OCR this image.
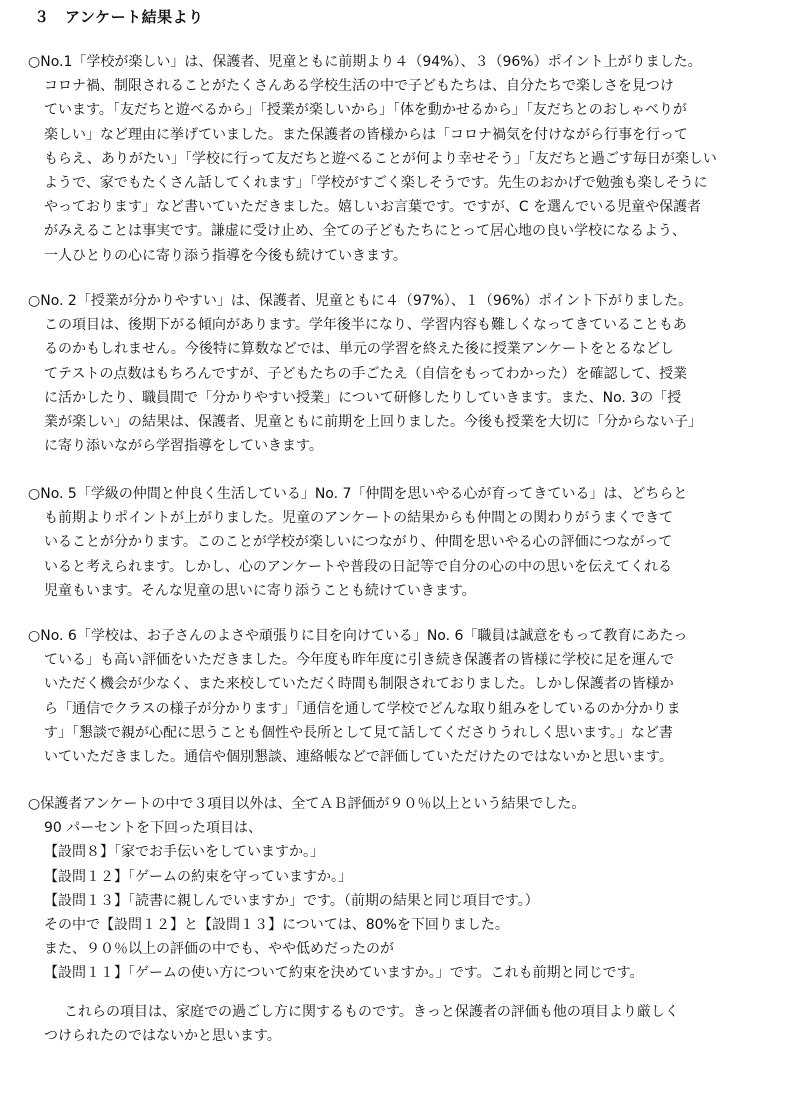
３　アンケート結果より
○No.1「学校が楽しい」は、保護者、児童ともに前期より４（94%）、３（96%）ポイント上がりました。
コロナ禍、制限されることがたくさんある学校生活の中で子どもたちは、自分たちで楽しさを見つけ
ています。「友だちと遊べるから」「授業が楽しいから」「体を動かせるから」「友だちとのおしゃべりが
楽しい」など理由に挙げていました。また保護者の皆様からは「コロナ禍気を付けながら行事を行って
もらえ、ありがたい」「学校に行って友だちと遊べることが何より幸せそう」「友だちと過ごす毎日が楽しい
ようで、家でもたくさん話してくれます」「学校がすごく楽しそうです。先生のおかげで勉強も楽しそうに
やっております」など書いていただきました。嬉しいお言葉です。ですが、C を選んでいる児童や保護者
がみえることは事実です。謙虚に受け止め、全ての子どもたちにとって居心地の良い学校になるよう、
一人ひとりの心に寄り添う指導を今後も続けていきます。
○No. 2「授業が分かりやすい」は、保護者、児童ともに４（97%）、１（96%）ポイント下がりました。
この項目は、後期下がる傾向があります。学年後半になり、学習内容も難しくなってきていることもあ
るのかもしれません。今後特に算数などでは、単元の学習を終えた後に授業アンケートをとるなどし
てテストの点数はもちろんですが、子どもたちの手ごたえ（自信をもってわかった）を確認して、授業
に活かしたり、職員間で「分かりやすい授業」について研修したりしていきます。また、No. 3の「授
業が楽しい」の結果は、保護者、児童ともに前期を上回りました。今後も授業を大切に「分からない子」
に寄り添いながら学習指導をしていきます。
○No. 5「学級の仲間と仲良く生活している」No. 7「仲間を思いやる心が育ってきている」は、どちらと
も前期よりポイントが上がりました。児童のアンケートの結果からも仲間との関わりがうまくできて
いることが分かります。このことが学校が楽しいにつながり、仲間を思いやる心の評価につながって
いると考えられます。しかし、心のアンケートや普段の日記等で自分の心の中の思いを伝えてくれる
児童もいます。そんな児童の思いに寄り添うことも続けていきます。
○No. 6「学校は、お子さんのよさや頑張りに目を向けている」No. 6「職員は誠意をもって教育にあたっ
ている」も高い評価をいただきました。今年度も昨年度に引き続き保護者の皆様に学校に足を運んで
いただく機会が少なく、また来校していただく時間も制限されておりました。しかし保護者の皆様か
ら「通信でクラスの様子が分かります」「通信を通して学校でどんな取り組みをしているのか分かりま
す」「懇談で親が心配に思うことも個性や長所として見て話してくださりうれしく思います。」など書
いていただきました。通信や個別懇談、連絡帳などで評価していただけたのではないかと思います。
○保護者アンケートの中で３項目以外は、全てＡＢ評価が９０％以上という結果でした。
90 パーセントを下回った項目は、
【設問８】「家でお手伝いをしていますか。」
【設問１２】「ゲームの約束を守っていますか。」
【設問１３】「読書に親しんでいますか」です。（前期の結果と同じ項目です。）
その中で【設問１２】と【設問１３】については、80%を下回りました。
また、９０％以上の評価の中でも、やや低めだったのが
【設問１１】「ゲームの使い方について約束を決めていますか。」です。これも前期と同じです。
これらの項目は、家庭での過ごし方に関するものです。きっと保護者の評価も他の項目より厳しく
つけられたのではないかと思います。
